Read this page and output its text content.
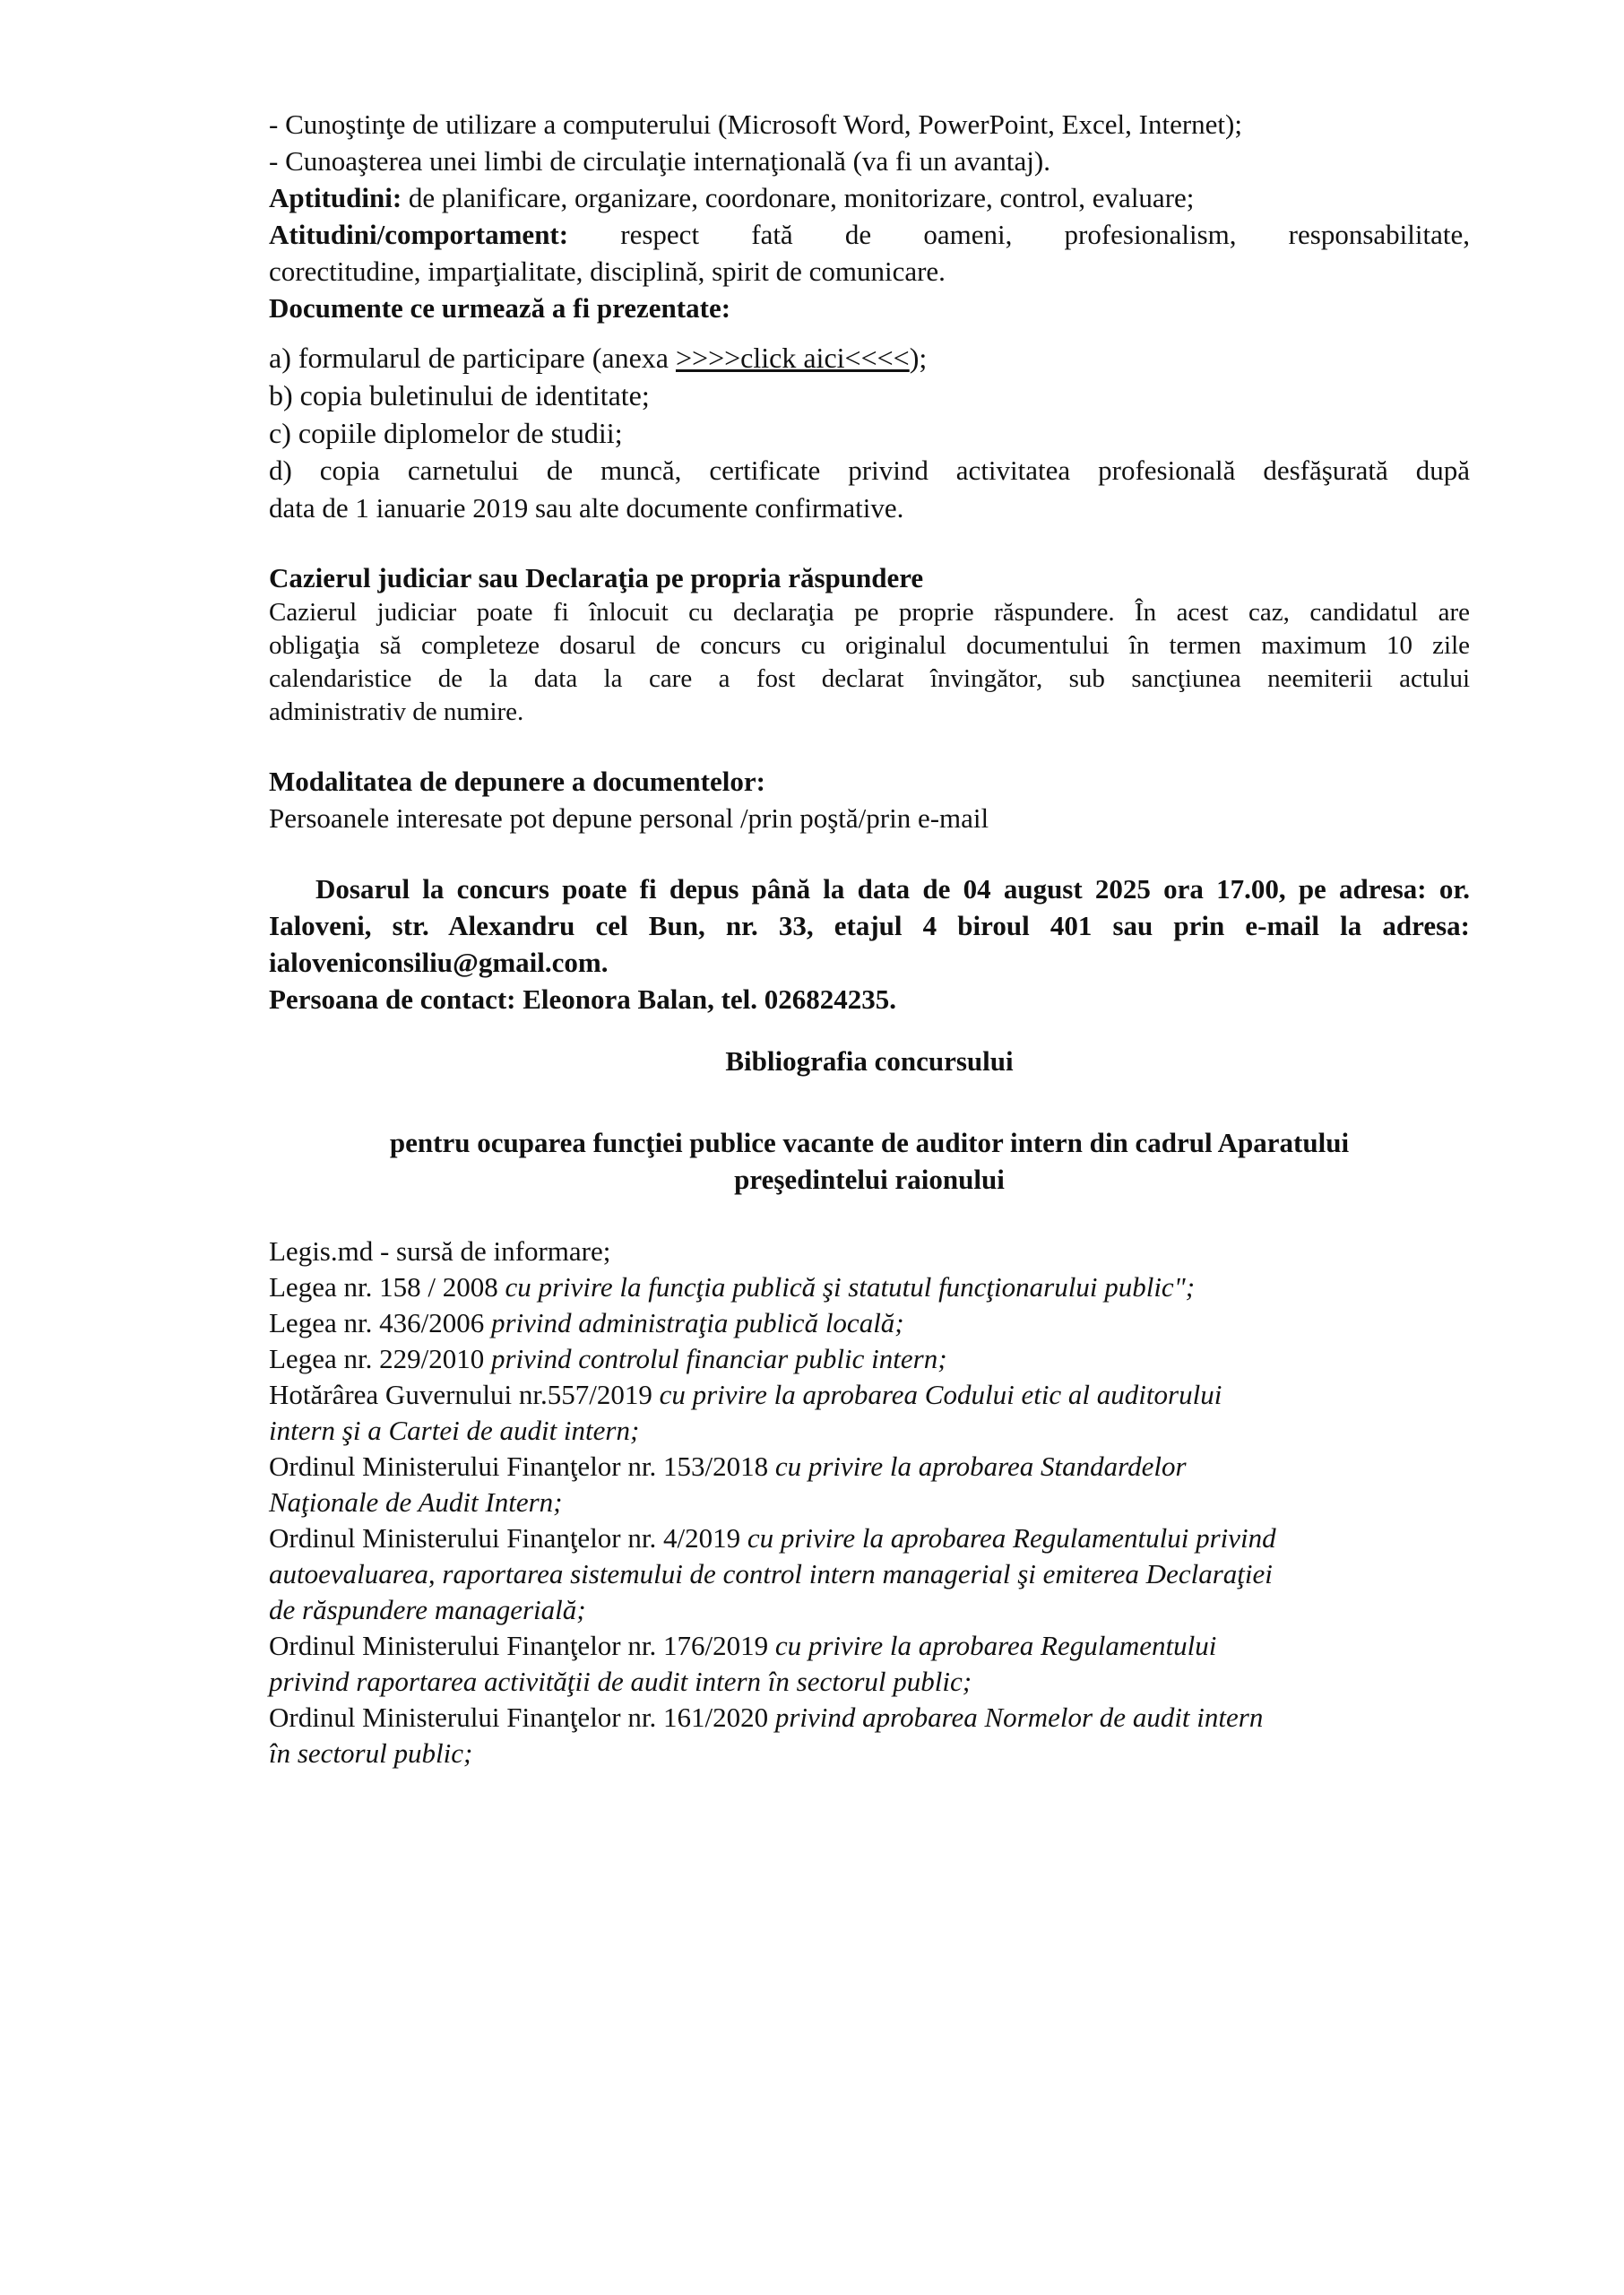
- Cunoştinţe de utilizare a computerului (Microsoft Word, PowerPoint, Excel, Internet);

- Cunoaşterea unei limbi de circulaţie internaţională (va fi un avantaj).

Aptitudini: de planificare, organizare, coordonare, monitorizare, control, evaluare;

Atitudini/comportament: respect fată de oameni, profesionalism, responsabilitate,

corectitudine, imparţialitate, disciplină, spirit de comunicare.

Documente ce urmează a fi prezentate:

a) formularul de participare (anexa >>>>click aici<<<<);

b) copia buletinului de identitate;

c) copiile diplomelor de studii;

d) copia carnetului de muncă, certificate privind activitatea profesională desfăşurată după

data de 1 ianuarie 2019 sau alte documente confirmative.

Cazierul judiciar sau Declaraţia pe propria răspundere

Cazierul judiciar poate fi înlocuit cu declaraţia pe proprie răspundere. În acest caz, candidatul are

obligaţia să completeze dosarul de concurs cu originalul documentului în termen maximum 10 zile

calendaristice de la data la care a fost declarat învingător, sub sancţiunea neemiterii actului

administrativ de numire.

Modalitatea de depunere a documentelor:

Persoanele interesate pot depune personal /prin poştă/prin e-mail

Dosarul la concurs poate fi depus până la data de 04 august 2025 ora 17.00, pe adresa: or.

Ialoveni, str. Alexandru cel Bun, nr. 33, etajul 4 biroul 401 sau prin e-mail la adresa:

ialoveniconsiliu@gmail.com.

Persoana de contact: Eleonora Balan, tel. 026824235.

Bibliografia concursului

pentru ocuparea funcţiei publice vacante de auditor intern din cadrul Aparatului

preşedintelui raionului

Legis.md - sursă de informare;

Legea nr. 158 / 2008 cu privire la funcţia publică şi statutul funcţionarului public";

Legea nr. 436/2006 privind administraţia publică locală;

Legea nr. 229/2010 privind controlul financiar public intern;

Hotărârea Guvernului nr.557/2019 cu privire la aprobarea Codului etic al auditorului

intern şi a Cartei de audit intern;

Ordinul Ministerului Finanţelor nr. 153/2018 cu privire la aprobarea Standardelor

Naţionale de Audit Intern;

Ordinul Ministerului Finanţelor nr. 4/2019 cu privire la aprobarea Regulamentului privind

autoevaluarea, raportarea sistemului de control intern managerial şi emiterea Declaraţiei

de răspundere managerială;

Ordinul Ministerului Finanţelor nr. 176/2019 cu privire la aprobarea Regulamentului

privind raportarea activităţii de audit intern în sectorul public;

Ordinul Ministerului Finanţelor nr. 161/2020 privind aprobarea Normelor de audit intern

în sectorul public;
